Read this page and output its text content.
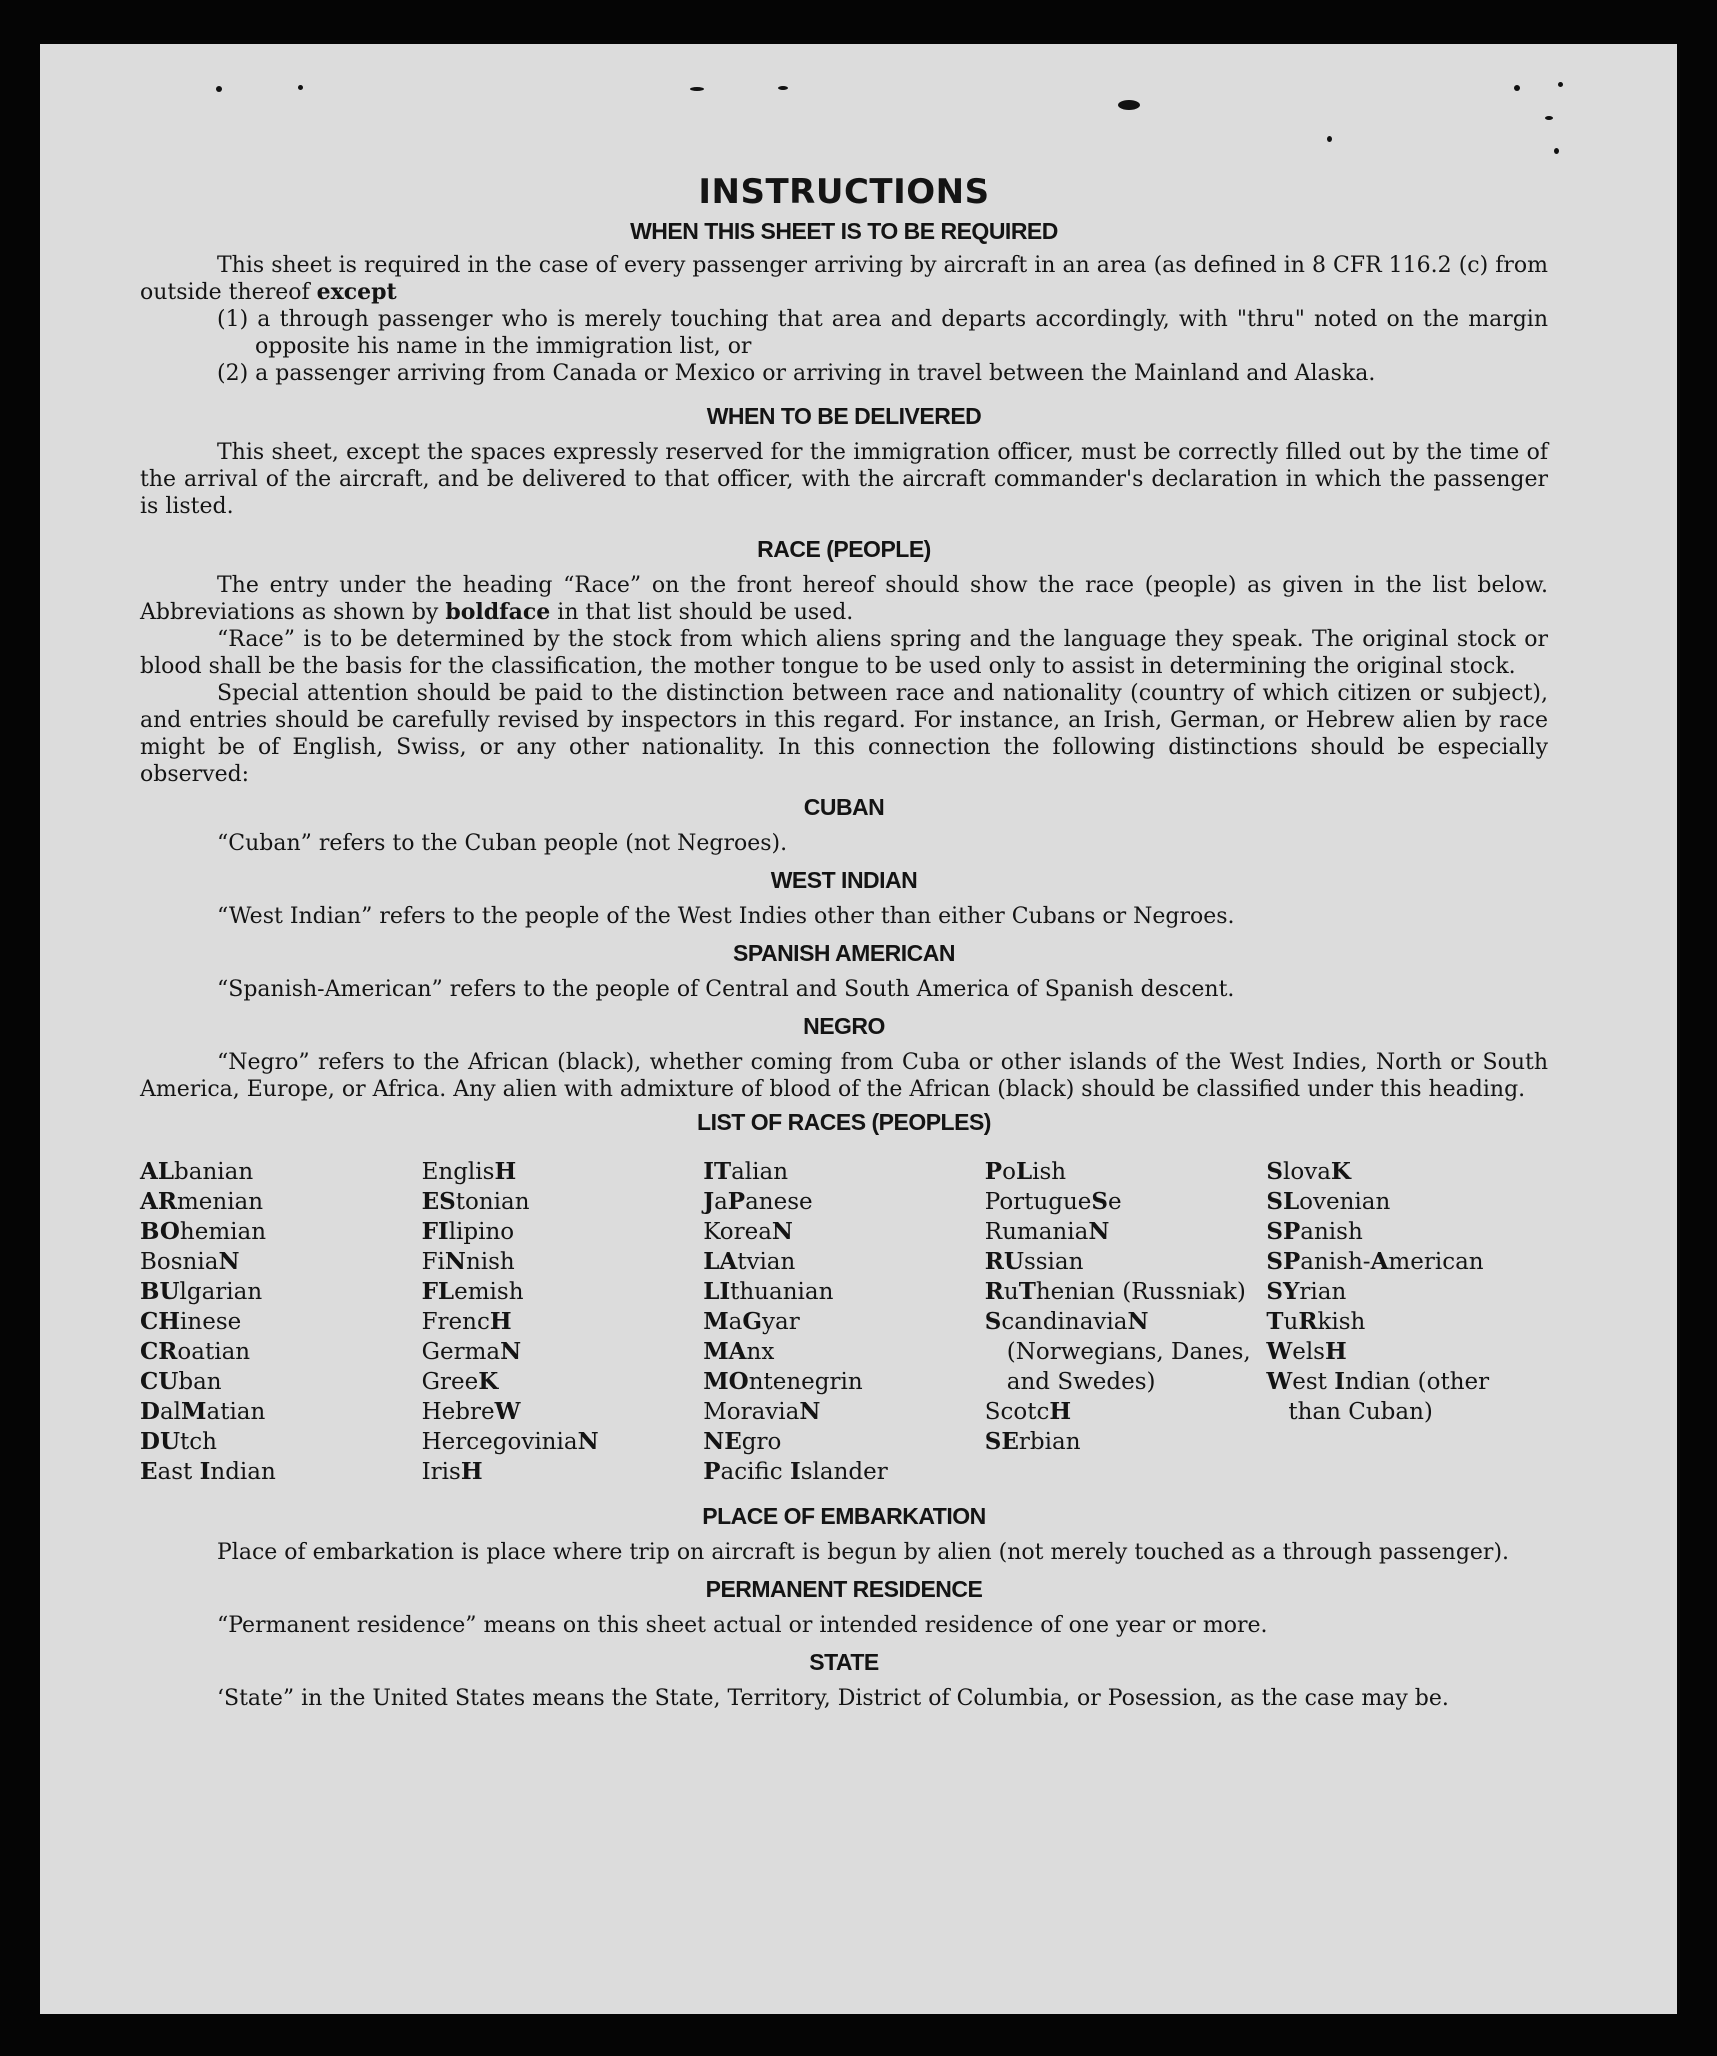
INSTRUCTIONS
WHEN THIS SHEET IS TO BE REQUIRED

This sheet is required in the case of every passenger arriving by aircraft in an area (as defined in 8 CFR 116.2 (c) from outside thereof except

(1) a through passenger who is merely touching that area and departs accordingly, with "thru" noted on the margin opposite his name in the immigration list, or

(2) a passenger arriving from Canada or Mexico or arriving in travel between the Mainland and Alaska.

WHEN TO BE DELIVERED

This sheet, except the spaces expressly reserved for the immigration officer, must be correctly filled out by the time of the arrival of the aircraft, and be delivered to that officer, with the aircraft commander's declaration in which the passenger is listed.

RACE (PEOPLE)

The entry under the heading “Race” on the front hereof should show the race (people) as given in the list below. Abbreviations as shown by boldface in that list should be used.

“Race” is to be determined by the stock from which aliens spring and the language they speak. The original stock or blood shall be the basis for the classification, the mother tongue to be used only to assist in determining the original stock.

Special attention should be paid to the distinction between race and nationality (country of which citizen or subject), and entries should be carefully revised by inspectors in this regard. For instance, an Irish, German, or Hebrew alien by race might be of English, Swiss, or any other nationality. In this connection the following distinctions should be especially observed:

CUBAN

“Cuban” refers to the Cuban people (not Negroes).

WEST INDIAN

“West Indian” refers to the people of the West Indies other than either Cubans or Negroes.

SPANISH AMERICAN

“Spanish-American” refers to the people of Central and South America of Spanish descent.

NEGRO

“Negro” refers to the African (black), whether coming from Cuba or other islands of the West Indies, North or South America, Europe, or Africa. Any alien with admixture of blood of the African (black) should be classified under this heading.

LIST OF RACES (PEOPLES)
ALbanian
ARmenian
BOhemian
BosniaN
BUlgarian
CHinese
CRoatian
CUban
DalMatian
DUtch
East Indian
EnglisH
EStonian
FIlipino
FiNnish
FLemish
FrencH
GermaN
GreeK
HebreW
HercegoviniaN
IrisH
ITalian
JaPanese
KoreaN
LAtvian
LIthuanian
MaGyar
MAnx
MOntenegrin
MoraviaN
NEgro
Pacific Islander
PoLish
PortugueSe
RumaniaN
RUssian
RuThenian (Russniak)
ScandinaviaN (Norwegians, Danes, and Swedes)
ScotcH
SErbian
SlovaK
SLovenian
SPanish
SPanish-American
SYrian
TuRkish
WelsH
West Indian (other than Cuban)
PLACE OF EMBARKATION

Place of embarkation is place where trip on aircraft is begun by alien (not merely touched as a through passenger).

PERMANENT RESIDENCE

“Permanent residence” means on this sheet actual or intended residence of one year or more.

STATE

‘State” in the United States means the State, Territory, District of Columbia, or Posession, as the case may be.
